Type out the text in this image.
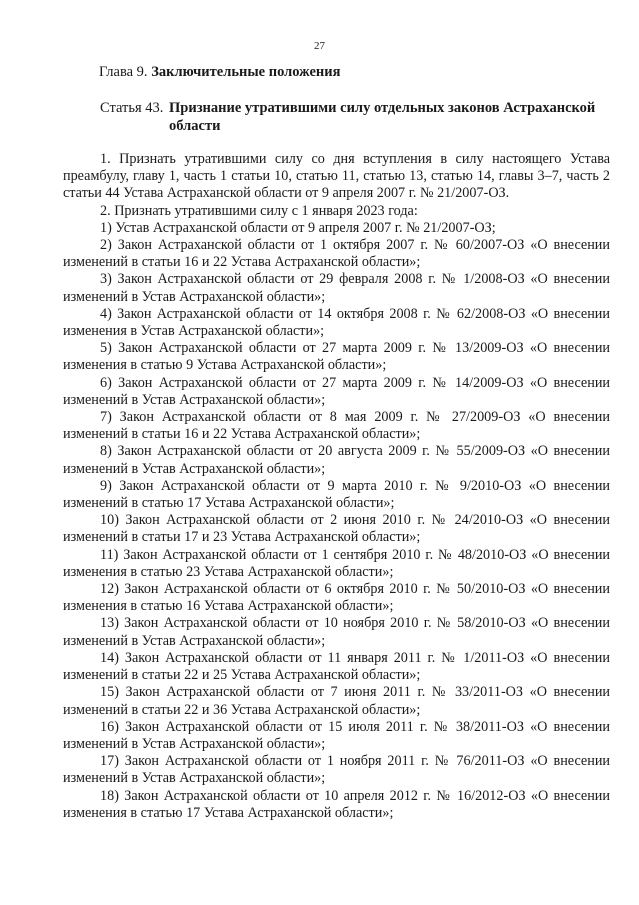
27
Глава 9. Заключительные положения
Статья 43. Признание утратившими силу отдельных законов Астраханской области

1. Признать утратившими силу со дня вступления в силу настоящего Устава преамбулу, главу 1, часть 1 статьи 10, статью 11, статью 13, статью 14, главы 3–7, часть 2 статьи 44 Устава Астраханской области от 9 апреля 2007 г. № 21/2007-ОЗ.

2. Признать утратившими силу с 1 января 2023 года:

1) Устав Астраханской области от 9 апреля 2007 г. № 21/2007-ОЗ;

2) Закон Астраханской области от 1 октября 2007 г. № 60/2007-ОЗ «О внесении изменений в статьи 16 и 22 Устава Астраханской области»;

3) Закон Астраханской области от 29 февраля 2008 г. № 1/2008-ОЗ «О внесении изменений в Устав Астраханской области»;

4) Закон Астраханской области от 14 октября 2008 г. № 62/2008-ОЗ «О внесении изменения в Устав Астраханской области»;

5) Закон Астраханской области от 27 марта 2009 г. № 13/2009-ОЗ «О внесении изменения в статью 9 Устава Астраханской области»;

6) Закон Астраханской области от 27 марта 2009 г. № 14/2009-ОЗ «О внесении изменений в Устав Астраханской области»;

7) Закон Астраханской области от 8 мая 2009 г. № 27/2009-ОЗ «О внесении изменений в статьи 16 и 22 Устава Астраханской области»;

8) Закон Астраханской области от 20 августа 2009 г. № 55/2009-ОЗ «О внесении изменений в Устав Астраханской области»;

9) Закон Астраханской области от 9 марта 2010 г. № 9/2010-ОЗ «О внесении изменений в статью 17 Устава Астраханской области»;

10) Закон Астраханской области от 2 июня 2010 г. № 24/2010-ОЗ «О внесении изменений в статьи 17 и 23 Устава Астраханской области»;

11) Закон Астраханской области от 1 сентября 2010 г. № 48/2010-ОЗ «О внесении изменения в статью 23 Устава Астраханской области»;

12) Закон Астраханской области от 6 октября 2010 г. № 50/2010-ОЗ «О внесении изменения в статью 16 Устава Астраханской области»;

13) Закон Астраханской области от 10 ноября 2010 г. № 58/2010-ОЗ «О внесении изменений в Устав Астраханской области»;

14) Закон Астраханской области от 11 января 2011 г. № 1/2011-ОЗ «О внесении изменений в статьи 22 и 25 Устава Астраханской области»;

15) Закон Астраханской области от 7 июня 2011 г. № 33/2011-ОЗ «О внесении изменений в статьи 22 и 36 Устава Астраханской области»;

16) Закон Астраханской области от 15 июля 2011 г. № 38/2011-ОЗ «О внесении изменений в Устав Астраханской области»;

17) Закон Астраханской области от 1 ноября 2011 г. № 76/2011-ОЗ «О внесении изменений в Устав Астраханской области»;

18) Закон Астраханской области от 10 апреля 2012 г. № 16/2012-ОЗ «О внесении изменения в статью 17 Устава Астраханской области»;
